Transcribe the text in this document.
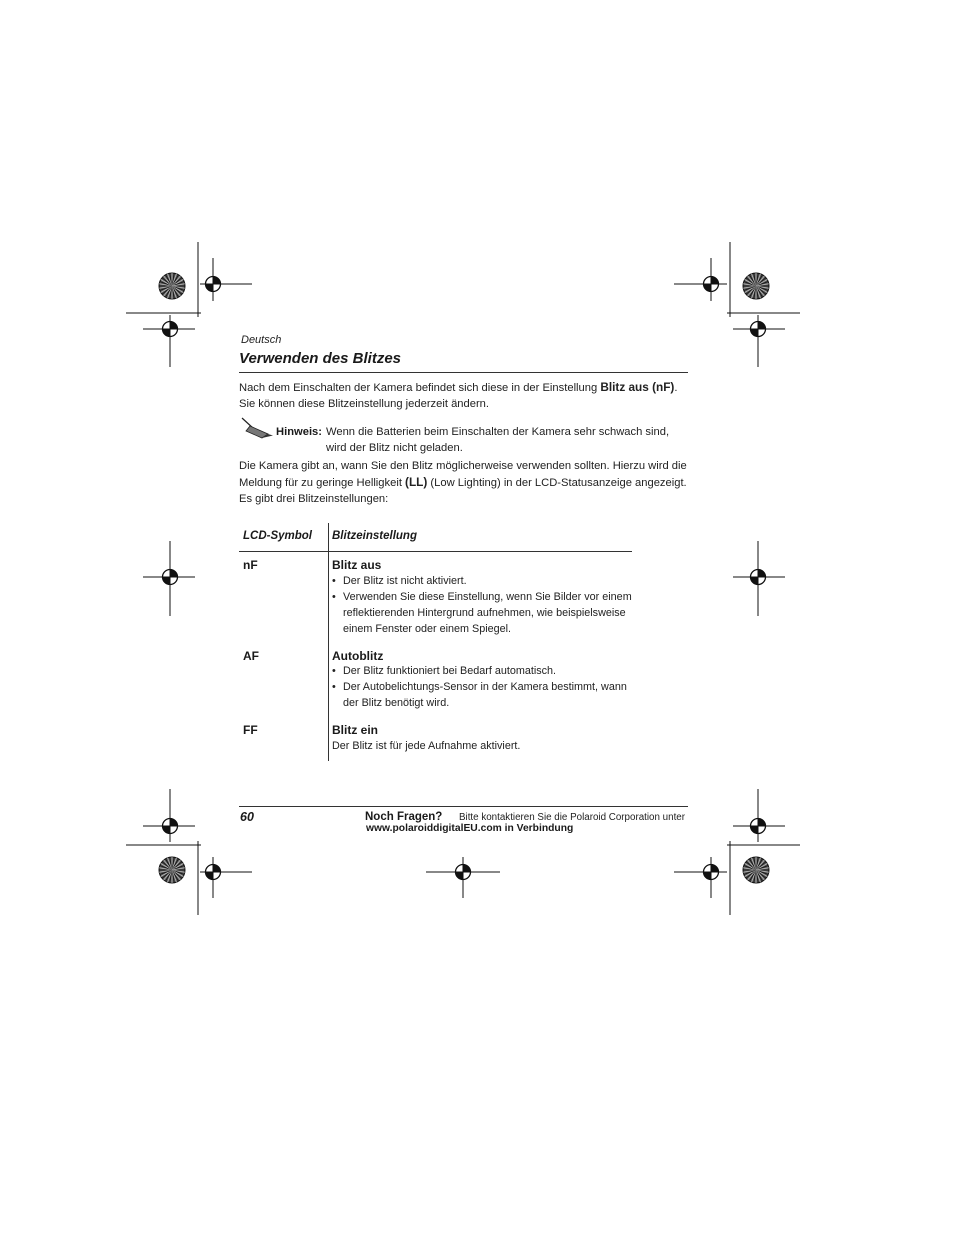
Deutsch
Verwenden des Blitzes
Nach dem Einschalten der Kamera befindet sich diese in der Einstellung Blitz aus (nF). Sie können diese Blitzeinstellung jederzeit ändern.
Hinweis: Wenn die Batterien beim Einschalten der Kamera sehr schwach sind, wird der Blitz nicht geladen.
Die Kamera gibt an, wann Sie den Blitz möglicherweise verwenden sollten. Hierzu wird die Meldung für zu geringe Helligkeit (LL) (Low Lighting) in der LCD-Statusanzeige angezeigt. Es gibt drei Blitzeinstellungen:
LCD-Symbol Blitzeinstellung
nF	Blitz aus
• Der Blitz ist nicht aktiviert.
• Verwenden Sie diese Einstellung, wenn Sie Bilder vor einem reflektierenden Hintergrund aufnehmen, wie beispielsweise einem Fenster oder einem Spiegel.
AF	Autoblitz
• Der Blitz funktioniert bei Bedarf automatisch.
• Der Autobelichtungs-Sensor in der Kamera bestimmt, wann der Blitz benötigt wird.
FF	Blitz ein
Der Blitz ist für jede Aufnahme aktiviert.
60	Noch Fragen? Bitte kontaktieren Sie die Polaroid Corporation unter
www.polaroiddigitalEU.com in Verbindung
